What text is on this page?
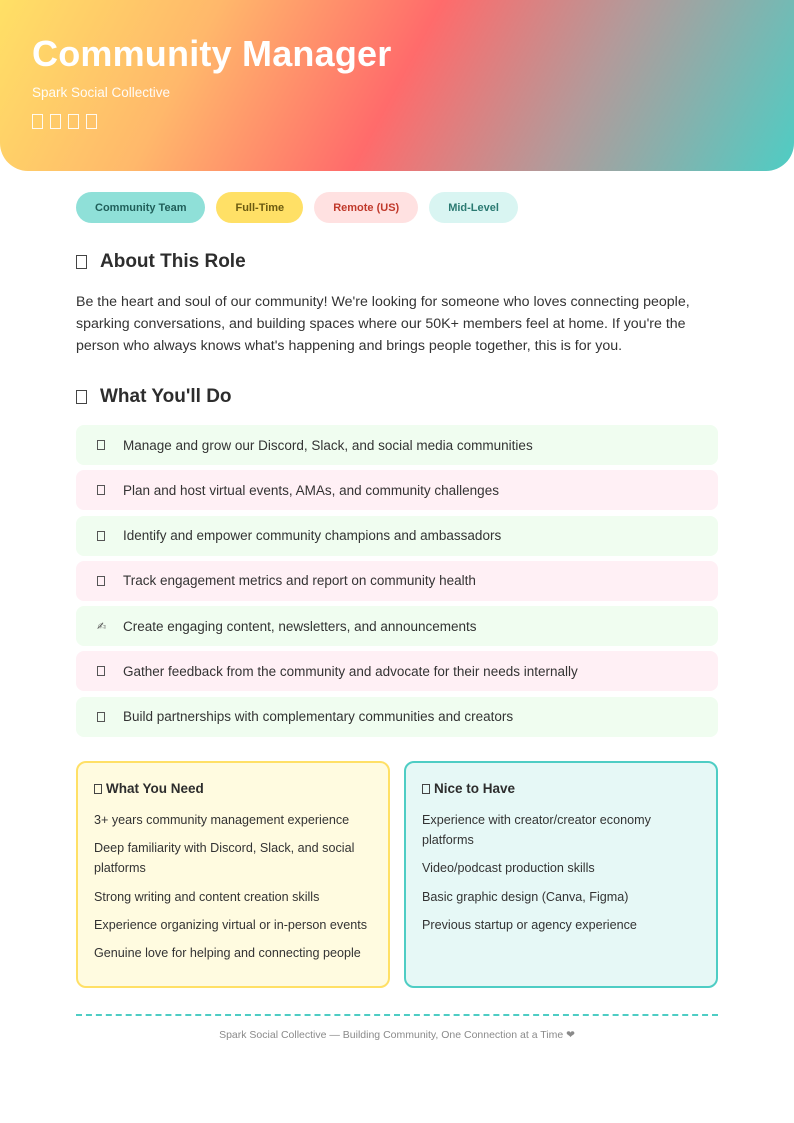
Community Manager
Spark Social Collective
Community Team	Full-Time	Remote (US)	Mid-Level
About This Role

Be the heart and soul of our community! We're looking for someone who loves connecting people, sparking conversations, and building spaces where our 50K+ members feel at home. If you're the person who always knows what's happening and brings people together, this is for you.

What You'll Do
Manage and grow our Discord, Slack, and social media communities
Plan and host virtual events, AMAs, and community challenges
Identify and empower community champions and ambassadors
Track engagement metrics and report on community health
✍	Create engaging content, newsletters, and announcements
Gather feedback from the community and advocate for their needs internally
Build partnerships with complementary communities and creators
What You Need
3+ years community management experience
Deep familiarity with Discord, Slack, and social platforms
Strong writing and content creation skills
Experience organizing virtual or in-person events
Genuine love for helping and connecting people
Nice to Have
Experience with creator/creator economy platforms
Video/podcast production skills
Basic graphic design (Canva, Figma)
Previous startup or agency experience
Spark Social Collective — Building Community, One Connection at a Time ❤
